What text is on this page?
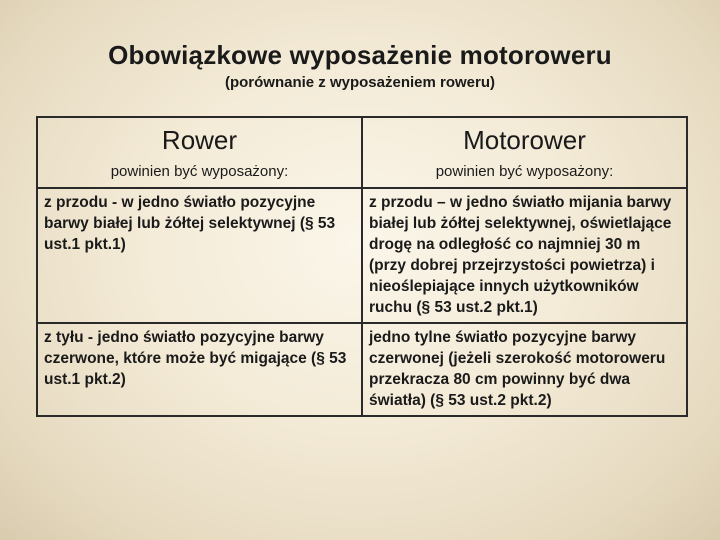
Obowiązkowe wyposażenie motoroweru
(porównanie z wyposażeniem roweru)
Rower	Motorower
powinien być wyposażony:	powinien być wyposażony:
z przodu - w jedno światło pozycyjne barwy białej lub żółtej selektywnej (§ 53 ust.1 pkt.1)	z przodu – w jedno światło mijania barwy białej lub żółtej selektywnej, oświetlające drogę na odległość co najmniej 30 m (przy dobrej przejrzystości powietrza) i nieoślepiające innych użytkowników ruchu (§ 53 ust.2 pkt.1)
z tyłu - jedno światło pozycyjne barwy czerwone, które może być migające (§ 53 ust.1 pkt.2)	jedno tylne światło pozycyjne barwy czerwonej (jeżeli szerokość motoroweru przekracza 80 cm powinny być dwa światła) (§ 53 ust.2 pkt.2)
